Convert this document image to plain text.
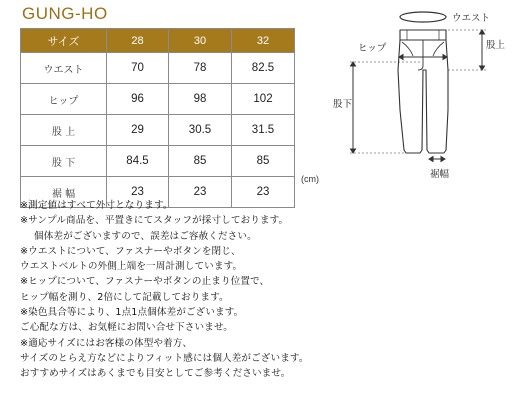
GUNG-HO
サイズ	28	30	32
ウエスト	70	78	82.5
ヒップ	96	98	102
股 上	29	30.5	31.5
股 下	84.5	85	85
裾 幅	23	23	23
(cm)
ウエスト
ヒップ	股上
股下
裾幅
※測定値はすべて外寸となります。
※サンプル商品を、平置きにてスタッフが採寸しております。
個体差がございますので、誤差はご容赦ください。
※ウエストについて、ファスナーやボタンを閉じ、
ウエストベルトの外側上端を一周計測しています。
※ヒップについて、ファスナーやボタンの止まり位置で、
ヒップ幅を測り、2倍にして記載しております。
※染色具合等により、1点1点個体差がございます。
ご心配な方は、お気軽にお問い合せ下さいませ。
※適応サイズにはお客様の体型や着方、
サイズのとらえ方などによりフィット感には個人差がございます。
おすすめサイズはあくまでも目安としてご参考くださいませ。
